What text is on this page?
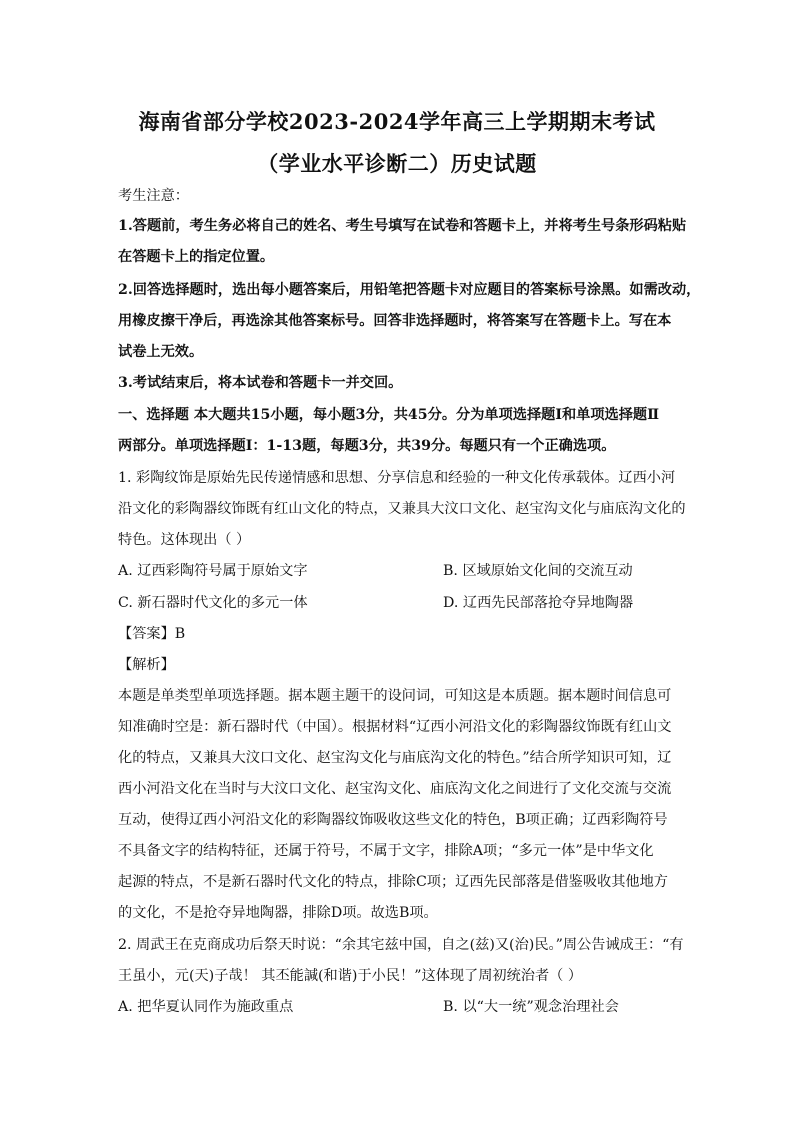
海南省部分学校2023-2024学年高三上学期期末考试
（学业水平诊断二）历史试题
考生注意：
1.答题前，考生务必将自己的姓名、考生号填写在试卷和答题卡上，并将考生号条形码粘贴
在答题卡上的指定位置。
2.回答选择题时，选出每小题答案后，用铅笔把答题卡对应题目的答案标号涂黑。如需改动，
用橡皮擦干净后，再选涂其他答案标号。回答非选择题时，将答案写在答题卡上。写在本
试卷上无效。
3.考试结束后，将本试卷和答题卡一并交回。
一、选择题 本大题共15小题，每小题3分，共45分。分为单项选择题Ⅰ和单项选择题Ⅱ
两部分。单项选择题Ⅰ：1-13题，每题3分，共39分。每题只有一个正确选项。
1. 彩陶纹饰是原始先民传递情感和思想、分享信息和经验的一种文化传承载体。辽西小河
沿文化的彩陶器纹饰既有红山文化的特点，又兼具大汶口文化、赵宝沟文化与庙底沟文化的
特色。这体现出（ ）
A. 辽西彩陶符号属于原始文字	B. 区域原始文化间的交流互动
C. 新石器时代文化的多元一体	D. 辽西先民部落抢夺异地陶器
【答案】B
【解析】
本题是单类型单项选择题。据本题主题干的设问词，可知这是本质题。据本题时间信息可
知准确时空是：新石器时代（中国）。根据材料“辽西小河沿文化的彩陶器纹饰既有红山文
化的特点，又兼具大汶口文化、赵宝沟文化与庙底沟文化的特色。”结合所学知识可知，辽
西小河沿文化在当时与大汶口文化、赵宝沟文化、庙底沟文化之间进行了文化交流与交流
互动，使得辽西小河沿文化的彩陶器纹饰吸收这些文化的特色，B项正确；辽西彩陶符号
不具备文字的结构特征，还属于符号，不属于文字，排除A项；“多元一体”是中华文化
起源的特点，不是新石器时代文化的特点，排除C项；辽西先民部落是借鉴吸收其他地方
的文化，不是抢夺异地陶器，排除D项。故选B项。
2. 周武王在克商成功后祭天时说：“余其宅兹中国，自之(兹)又(治)民。”周公告诫成王：“有
王虽小，元(天)子哉！ 其丕能諴(和谐)于小民！”这体现了周初统治者（ ）
A. 把华夏认同作为施政重点	B. 以“大一统”观念治理社会
